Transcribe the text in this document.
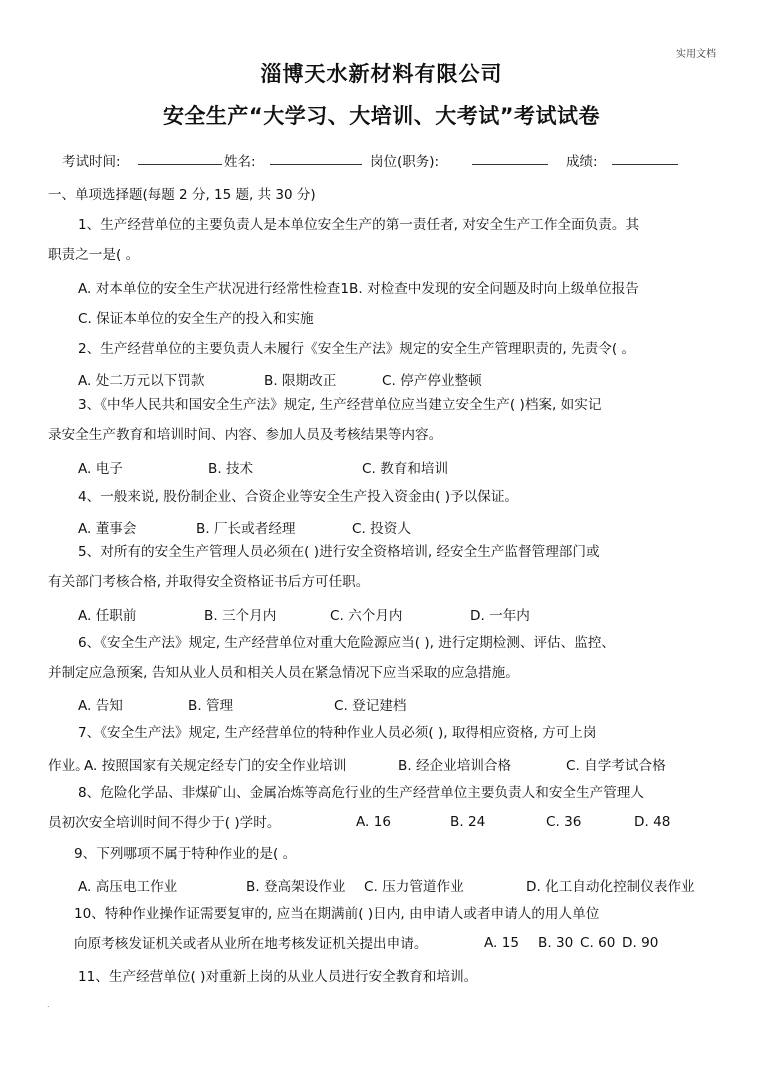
实用文档
淄博天水新材料有限公司
安全生产“大学习、大培训、大考试”考试试卷
考试时间:	姓名:	岗位(职务):	成绩:
一、单项选择题(每题 2 分, 15 题, 共 30 分)
1、生产经营单位的主要负责人是本单位安全生产的第一责任者, 对安全生产工作全面负责。其
职责之一是( 。
A. 对本单位的安全生产状况进行经常性检查1B. 对检查中发现的安全问题及时向上级单位报告
C. 保证本单位的安全生产的投入和实施
2、生产经营单位的主要负责人未履行《安全生产法》规定的安全生产管理职责的, 先责令( 。
A. 处二万元以下罚款	B. 限期改正	C. 停产停业整顿
3、《中华人民共和国安全生产法》规定, 生产经营单位应当建立安全生产( )档案, 如实记
录安全生产教育和培训时间、内容、参加人员及考核结果等内容。
A. 电子	B. 技术	C. 教育和培训
4、一般来说, 股份制企业、合资企业等安全生产投入资金由( )予以保证。
A. 董事会	B. 厂长或者经理	C. 投资人
5、对所有的安全生产管理人员必须在( )进行安全资格培训, 经安全生产监督管理部门或
有关部门考核合格, 并取得安全资格证书后方可任职。
A. 任职前	B. 三个月内	C. 六个月内	D. 一年内
6、《安全生产法》规定, 生产经营单位对重大危险源应当( ), 进行定期检测、评估、监控、
并制定应急预案, 告知从业人员和相关人员在紧急情况下应当采取的应急措施。
A. 告知	B. 管理	C. 登记建档
7、《安全生产法》规定, 生产经营单位的特种作业人员必须( ), 取得相应资格, 方可上岗
作业。
A. 按照国家有关规定经专门的安全作业培训	B. 经企业培训合格	C. 自学考试合格
8、危险化学品、非煤矿山、金属冶炼等高危行业的生产经营单位主要负责人和安全生产管理人
员初次安全培训时间不得少于( )学时。	A. 16	B. 24	C. 36	D. 48
9、下列哪项不属于特种作业的是( 。
A. 高压电工作业	B. 登高架设作业 C. 压力管道作业	D. 化工自动化控制仪表作业
10、特种作业操作证需要复审的, 应当在期满前( )日内, 由申请人或者申请人的用人单位
向原考核发证机关或者从业所在地考核发证机关提出申请。	A. 15 B. 30 C. 60 D. 90
11、生产经营单位( )对重新上岗的从业人员进行安全教育和培训。
.
